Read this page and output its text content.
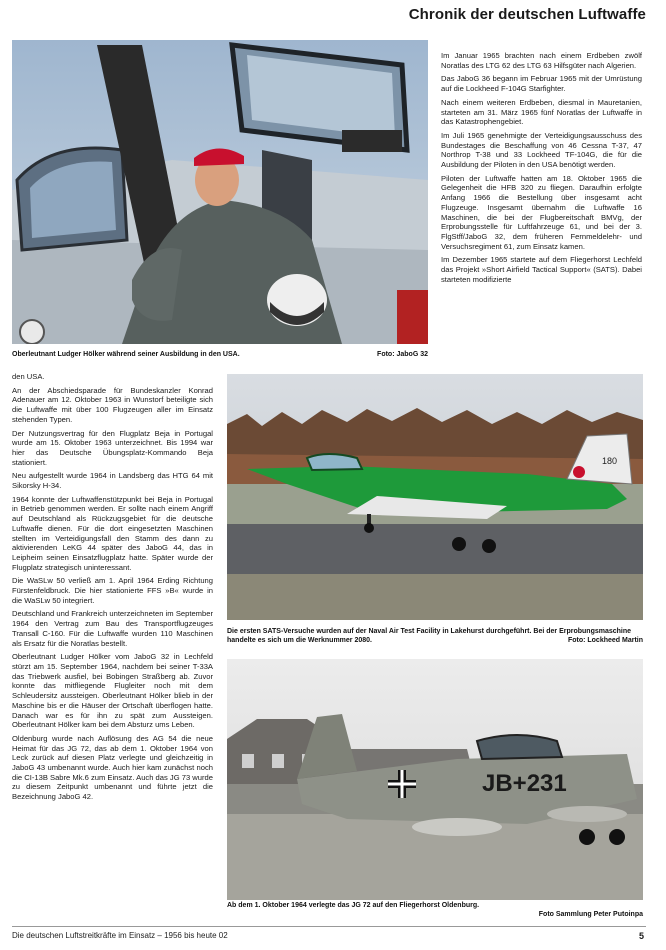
Chronik der deutschen Luftwaffe
Oberleutnant Ludger Hölker während seiner Ausbildung in den USA.	Foto: JaboG 32

Im Januar 1965 brachten nach einem Erdbeben zwölf Noratlas des LTG 62 des LTG 63 Hilfsgüter nach Algerien.

Das JaboG 36 begann im Februar 1965 mit der Umrüstung auf die Lockheed F-104G Starfighter.

Nach einem weiteren Erdbeben, diesmal in Mauretanien, starteten am 31. März 1965 fünf Noratlas der Luftwaffe in das Katastrophengebiet.

Im Juli 1965 genehmigte der Verteidigungsausschuss des Bundestages die Beschaffung von 46 Cessna T-37, 47 Northrop T-38 und 33 Lockheed TF-104G, die für die Ausbildung der Piloten in den USA benötigt werden.

Piloten der Luftwaffe hatten am 18. Oktober 1965 die Gelegenheit die HFB 320 zu fliegen. Daraufhin erfolgte Anfang 1966 die Bestellung über insgesamt acht Flugzeuge. Insgesamt übernahm die Luftwaffe 16 Maschinen, die bei der Flugbereitschaft BMVg, der Erprobungsstelle für Luftfahrzeuge 61, und bei der 3. FlgStff/JaboG 32, dem früheren Fernmeldelehr- und Versuchsregiment 61, zum Einsatz kamen.

Im Dezember 1965 startete auf dem Fliegerhorst Lechfeld das Projekt »Short Airfield Tactical Support« (SATS). Dabei starteten modifizierte

180
Die ersten SATS-Versuche wurden auf der Naval Air Test Facility in Lakehurst durchgeführt. Bei der Erprobungsmaschine handelte es sich um die Werknummer 2080.	Foto: Lockheed Martin
JB+231
Ab dem 1. Oktober 1964 verlegte das JG 72 auf den Fliegerhorst Oldenburg.
Foto Sammlung Peter Putoinpa

den USA.

An der Abschiedsparade für Bundeskanzler Konrad Adenauer am 12. Oktober 1963 in Wunstorf beteiligte sich die Luftwaffe mit über 100 Flugzeugen aller im Einsatz stehenden Typen.

Der Nutzungsvertrag für den Flugplatz Beja in Portugal wurde am 15. Oktober 1963 unterzeichnet. Bis 1994 war hier das Deutsche Übungsplatz-Kommando Beja stationiert.

Neu aufgestellt wurde 1964 in Landsberg das HTG 64 mit Sikorsky H-34.

1964 konnte der Luftwaffenstützpunkt bei Beja in Portugal in Betrieb genommen werden. Er sollte nach einem Angriff auf Deutschland als Rückzugsgebiet für die deutsche Luftwaffe dienen. Für die dort eingesetzten Maschinen stellten im Verteidigungsfall den Stamm des dann zu aktivierenden LeKG 44 später des JaboG 44, das in Leipheim seinen Einsatzflugplatz hatte. Später wurde der Flugplatz strategisch uninteressant.

Die WaSLw 50 verließ am 1. April 1964 Erding Richtung Fürstenfeldbruck. Die hier stationierte FFS »B« wurde in die WaSLw 50 integriert.

Deutschland und Frankreich unterzeichneten im September 1964 den Vertrag zum Bau des Transportflugzeuges Transall C-160. Für die Luftwaffe wurden 110 Maschinen als Ersatz für die Noratlas bestellt.

Oberleutnant Ludger Hölker vom JaboG 32 in Lechfeld stürzt am 15. September 1964, nachdem bei seiner T-33A das Triebwerk ausfiel, bei Bobingen Straßberg ab. Zuvor konnte das mitfliegende Flugleiter noch mit dem Schleudersitz aussteigen. Oberleutnant Hölker blieb in der Maschine bis er die Häuser der Ortschaft überflogen hatte. Danach war es für ihn zu spät zum Aussteigen. Oberleutnant Hölker kam bei dem Absturz ums Leben.

Oldenburg wurde nach Auflösung des AG 54 die neue Heimat für das JG 72, das ab dem 1. Oktober 1964 von Leck zurück auf diesen Platz verlegte und gleichzeitig in JaboG 43 umbenannt wurde. Auch hier kam zunächst noch die CI-13B Sabre Mk.6 zum Einsatz. Auch das JG 73 wurde zu diesem Zeitpunkt umbenannt und führte jetzt die Bezeichnung JaboG 42.

Die deutschen Luftstreitkräfte im Einsatz – 1956 bis heute 02	5
